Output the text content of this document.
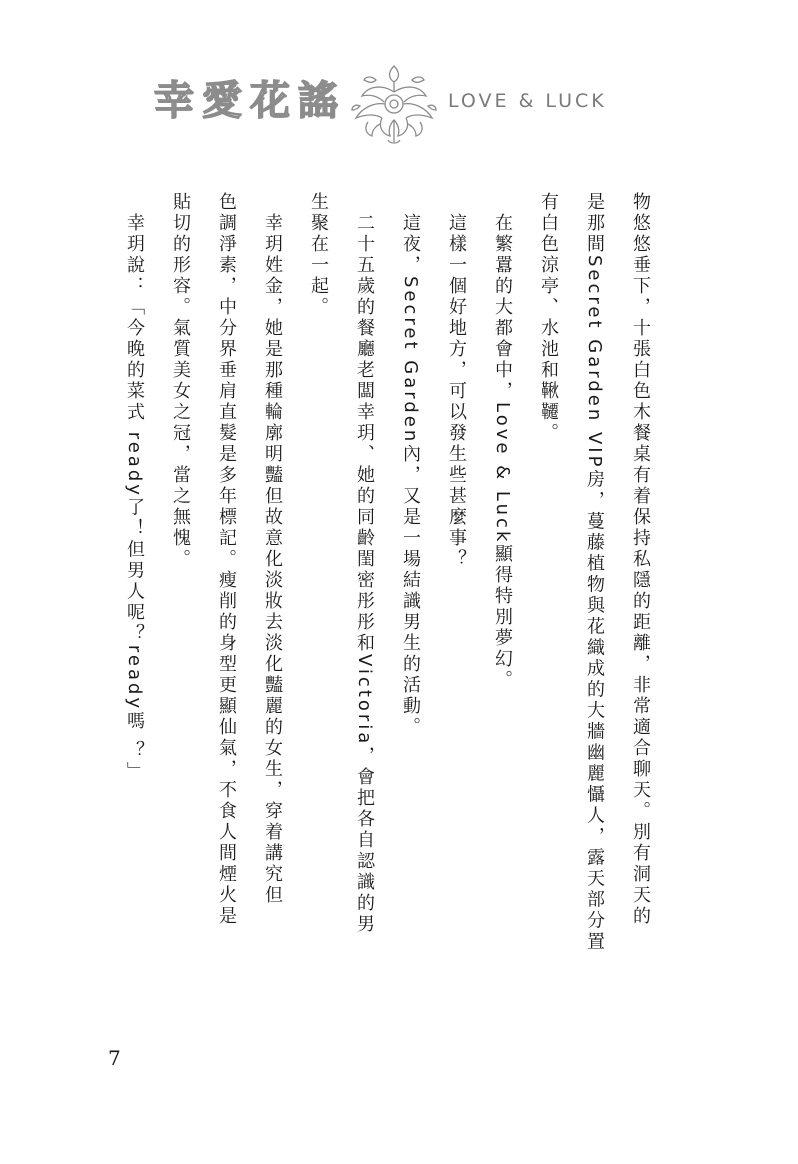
幸愛花謠	LOVE & LUCK
物悠悠垂下，十張白色木餐桌有着保持私隱的距離，非常適合聊天。別有洞天的
是那間Secret Garden VIP房，蔓藤植物與花織成的大牆幽麗懾人，露天部分置
有白色涼亭、水池和鞦韆。
　在繁囂的大都會中，Love & Luck顯得特別夢幻。
　這樣一個好地方，可以發生些甚麼事？
　這夜，Secret Garden內，又是一場結識男生的活動。
　二十五歲的餐廳老闆幸玥、她的同齡閨密彤彤和Victoria，會把各自認識的男
生聚在一起。
　幸玥姓金，她是那種輪廓明豔但故意化淡妝去淡化豔麗的女生，穿着講究但
色調淨素，中分界垂肩直髮是多年標記。瘦削的身型更顯仙氣，不食人間煙火是
貼切的形容。氣質美女之冠，當之無愧。
　幸玥說：「今晚的菜式 ready了！但男人呢？ready嗎 ？」
7
